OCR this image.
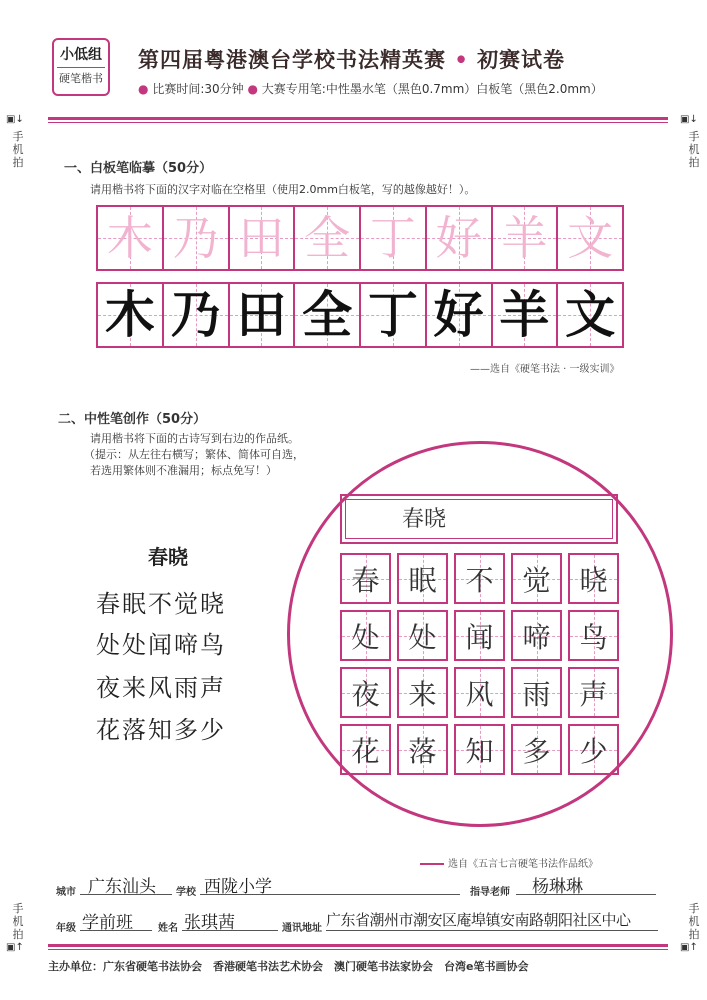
小低组
硬笔楷书
第四届粤港澳台学校书法精英赛 • 初赛试卷
● 比赛时间:30分钟 ● 大赛专用笔:中性墨水笔（黑色0.7mm）白板笔（黑色2.0mm）
▣↓
手机拍
▣↓
手机拍
手机拍
▣↑
手机拍
▣↑
一、白板笔临摹（50分）
请用楷书将下面的汉字对临在空格里（使用2.0mm白板笔，写的越像越好！）。
木 乃 田 全 丁 好 羊 文
木 乃 田 全 丁 好 羊 文
——选自《硬笔书法 · 一级实训》
二、中性笔创作（50分）
请用楷书将下面的古诗写到右边的作品纸。
（提示：从左往右横写；繁体、简体可自选，
若选用繁体则不准漏用；标点免写！）
春晓
春眠不觉晓
处处闻啼鸟
夜来风雨声
花落知多少
春晓
春 眠 不 觉 晓
处 处 闻 啼 鸟
夜 来 风 雨 声
花 落 知 多 少
选自《五言七言硬笔书法作品纸》
城市 广东汕头 学校 西陇小学	指导老师 杨琳琳
年级 学前班	姓名 张琪茜	通讯地址 广东省潮州市潮安区庵埠镇安南路朝阳社区中心
主办单位：广东省硬笔书法协会　香港硬笔书法艺术协会　澳门硬笔书法家协会　台湾e笔书画协会
